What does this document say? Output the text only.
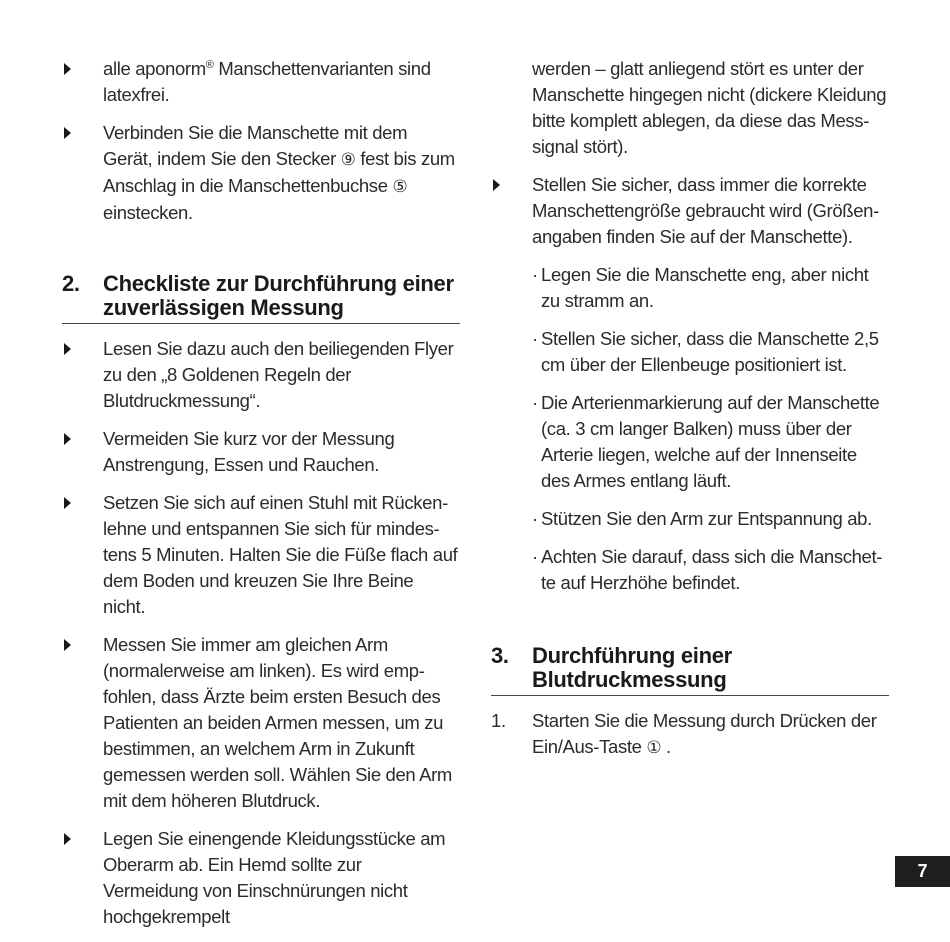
alle aponorm® Manschettenvarianten sind latexfrei.
Verbinden Sie die Manschette mit dem Gerät, indem Sie den Stecker ⑨ fest bis zum Anschlag in die Manschettenbuchse ⑤ einstecken.
2. Checkliste zur Durchführung einer zuverlässigen Messung
Lesen Sie dazu auch den beiliegenden Flyer zu den „8 Goldenen Regeln der Blutdruckmessung“.
Vermeiden Sie kurz vor der Messung Anstrengung, Essen und Rauchen.
Setzen Sie sich auf einen Stuhl mit Rückenlehne und entspannen Sie sich für mindestens 5 Minuten. Halten Sie die Füße flach auf dem Boden und kreuzen Sie Ihre Beine nicht.
Messen Sie immer am gleichen Arm (normalerweise am linken). Es wird empfohlen, dass Ärzte beim ersten Besuch des Patienten an beiden Armen messen, um zu bestimmen, an welchem Arm in Zukunft gemessen werden soll. Wählen Sie den Arm mit dem höheren Blutdruck.
Legen Sie einengende Kleidungsstücke am Oberarm ab. Ein Hemd sollte zur Vermeidung von Einschnürungen nicht hochgekrempelt
werden – glatt anliegend stört es unter der Manschette hingegen nicht (dickere Kleidung bitte komplett ablegen, da diese das Messsignal stört).
Stellen Sie sicher, dass immer die korrekte Manschettengröße gebraucht wird (Größenangaben finden Sie auf der Manschette).
· Legen Sie die Manschette eng, aber nicht zu stramm an.
· Stellen Sie sicher, dass die Manschette 2,5 cm über der Ellenbeuge positioniert ist.
· Die Arterienmarkierung auf der Manschette (ca. 3 cm langer Balken) muss über der Arterie liegen, welche auf der Innenseite des Armes entlang läuft.
· Stützen Sie den Arm zur Entspannung ab.
· Achten Sie darauf, dass sich die Manschette auf Herzhöhe befindet.
3. Durchführung einer Blutdruckmessung
1. Starten Sie die Messung durch Drücken der Ein/Aus-Taste ① .
7
